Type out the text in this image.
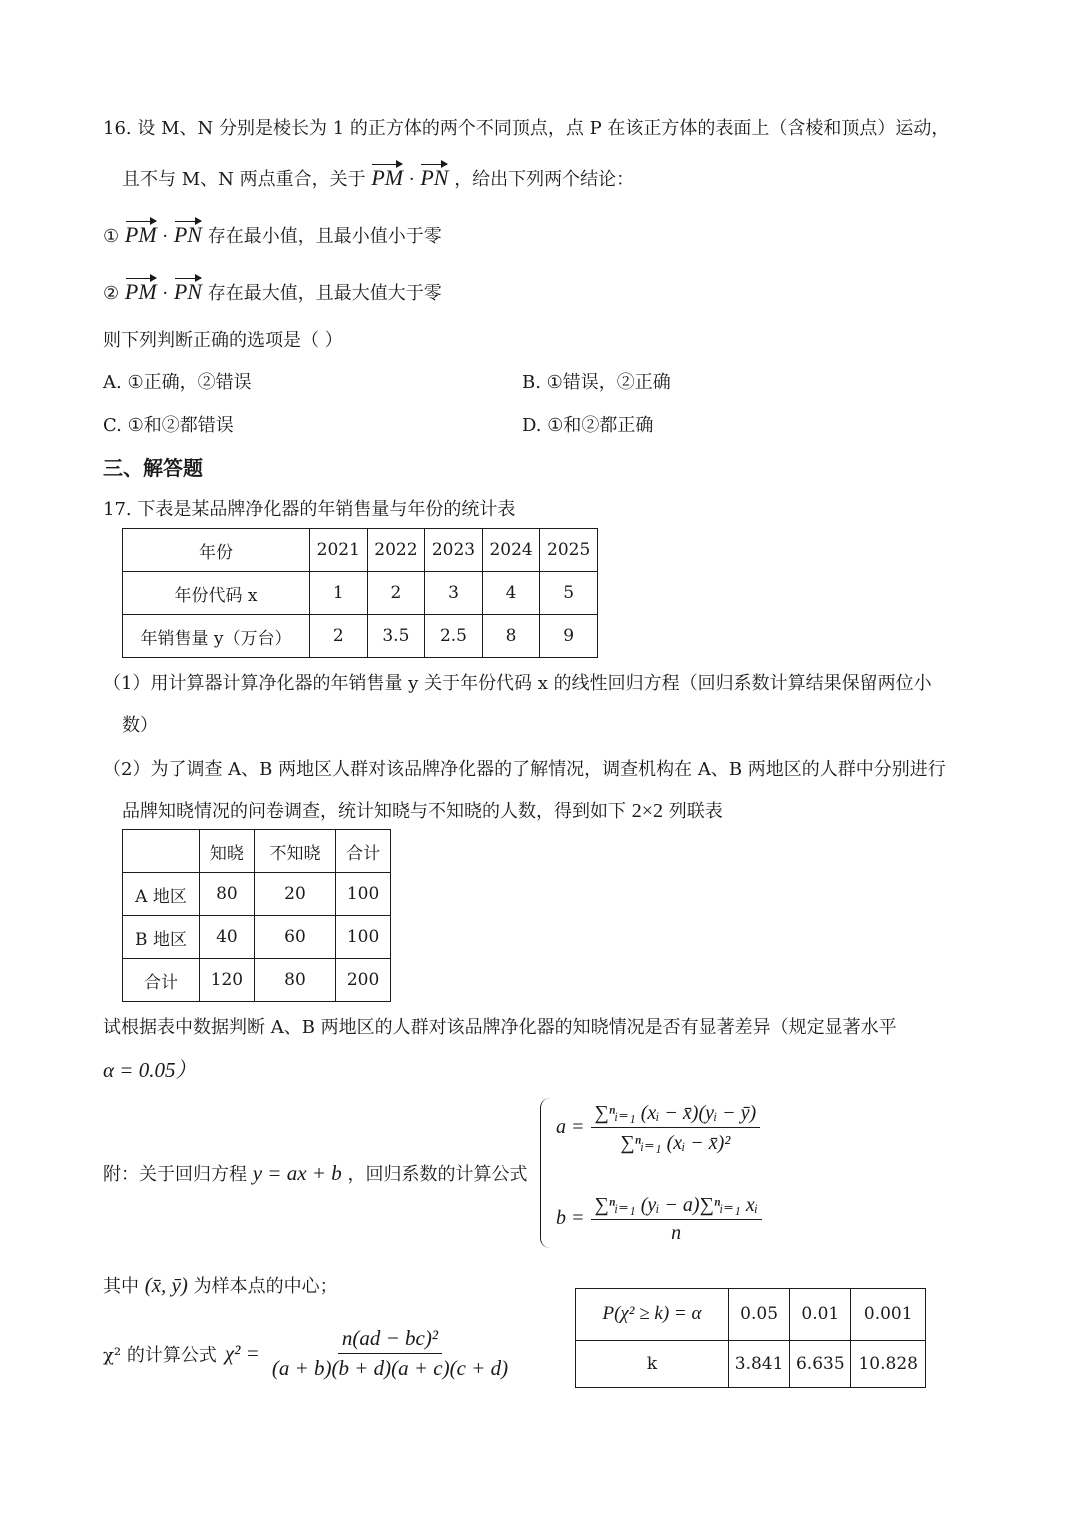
16. 设 M、N 分别是棱长为 1 的正方体的两个不同顶点，点 P 在该正方体的表面上（含棱和顶点）运动，
且不与 M、N 两点重合，关于 PM · PN ，给出下列两个结论：
① PM · PN 存在最小值，且最小值小于零
② PM · PN 存在最大值，且最大值大于零
则下列判断正确的选项是（ ）
A. ①正确，②错误	B. ①错误，②正确
C. ①和②都错误	D. ①和②都正确
三、解答题
17. 下表是某品牌净化器的年销售量与年份的统计表
年份	2021	2022	2023	2024	2025
年份代码 x	1	2	3	4	5
年销售量 y（万台）	2	3.5	2.5	8	9
（1）用计算器计算净化器的年销售量 y 关于年份代码 x 的线性回归方程（回归系数计算结果保留两位小
数）
（2）为了调查 A、B 两地区人群对该品牌净化器的了解情况，调查机构在 A、B 两地区的人群中分别进行
品牌知晓情况的问卷调查，统计知晓与不知晓的人数，得到如下 2×2 列联表
	知晓	不知晓	合计
A 地区	80	20	100
B 地区	40	60	100
合计	120	80	200
试根据表中数据判断 A、B 两地区的人群对该品牌净化器的知晓情况是否有显著差异（规定显著水平
α = 0.05）
附：关于回归方程 y = ax + b ，回归系数的计算公式
$a = \frac{\text{∑ⁿᵢ₌₁ (xᵢ − x̄)(yᵢ − ȳ)}}{\text{∑ⁿᵢ₌₁ (xᵢ − x̄)²}}$
$b = \frac{\text{∑ⁿᵢ₌₁ (yᵢ − a)∑ⁿᵢ₌₁ xᵢ}}{n}$
其中 (x̄, ȳ) 为样本点的中心；
χ² 的计算公式 $\chi^2 = \frac{\text{n(ad − bc)²}}{(a + b)(b + d)(a + c)(c + d)}$
P(χ² ≥ k) = α	0.05	0.01	0.001
k	3.841	6.635	10.828
